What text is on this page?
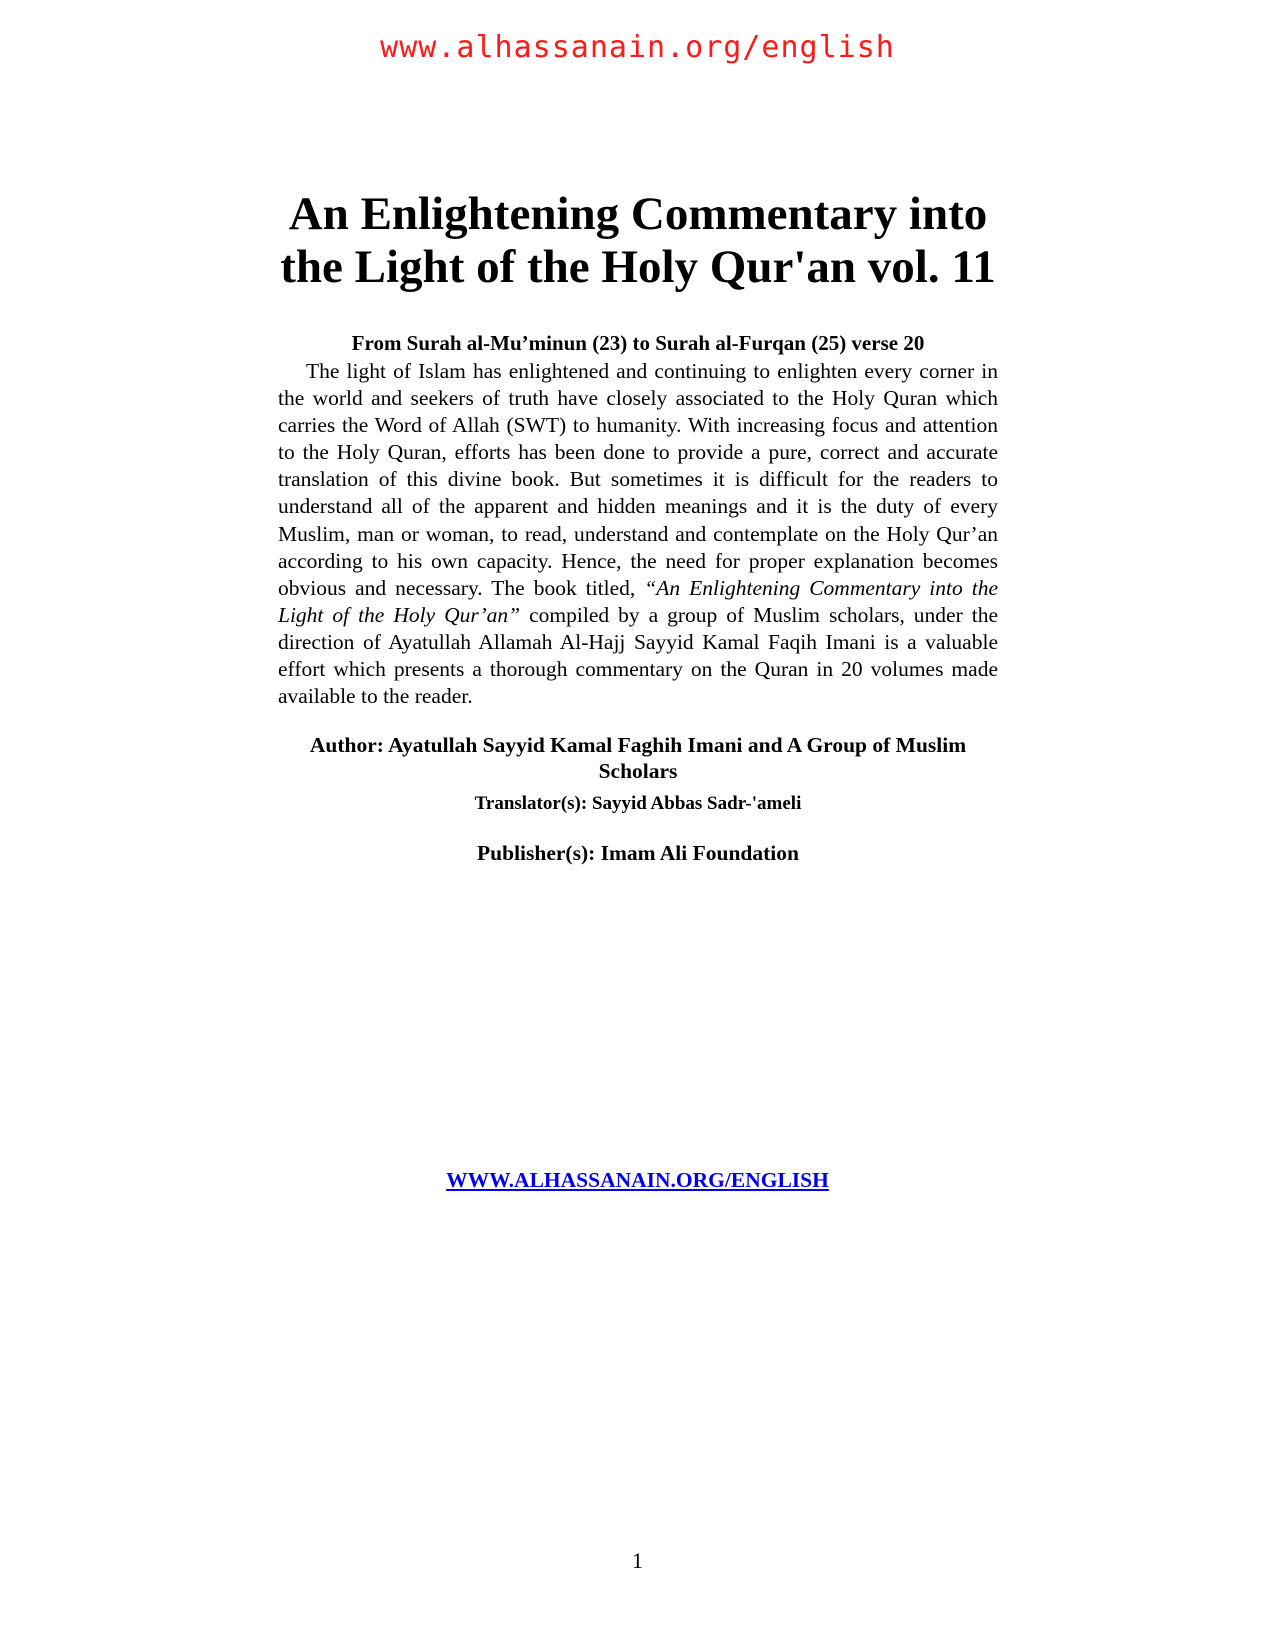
www.alhassanain.org/english
An Enlightening Commentary into
the Light of the Holy Qur'an vol. 11
From Surah al-Mu’minun (23) to Surah al-Furqan (25) verse 20

The light of Islam has enlightened and continuing to enlighten every corner in the world and seekers of truth have closely associated to the Holy Quran which carries the Word of Allah (SWT) to humanity. With increasing focus and attention to the Holy Quran, efforts has been done to provide a pure, correct and accurate translation of this divine book. But sometimes it is difficult for the readers to understand all of the apparent and hidden meanings and it is the duty of every Muslim, man or woman, to read, understand and contemplate on the Holy Qur’an according to his own capacity. Hence, the need for proper explanation becomes obvious and necessary. The book titled, “An Enlightening Commentary into the Light of the Holy Qur’an” compiled by a group of Muslim scholars, under the direction of Ayatullah Allamah Al-Hajj Sayyid Kamal Faqih Imani is a valuable effort which presents a thorough commentary on the Quran in 20 volumes made available to the reader.

Author: Ayatullah Sayyid Kamal Faghih Imani and A Group of Muslim Scholars
Translator(s): Sayyid Abbas Sadr-'ameli
Publisher(s): Imam Ali Foundation
WWW.ALHASSANAIN.ORG/ENGLISH
1
